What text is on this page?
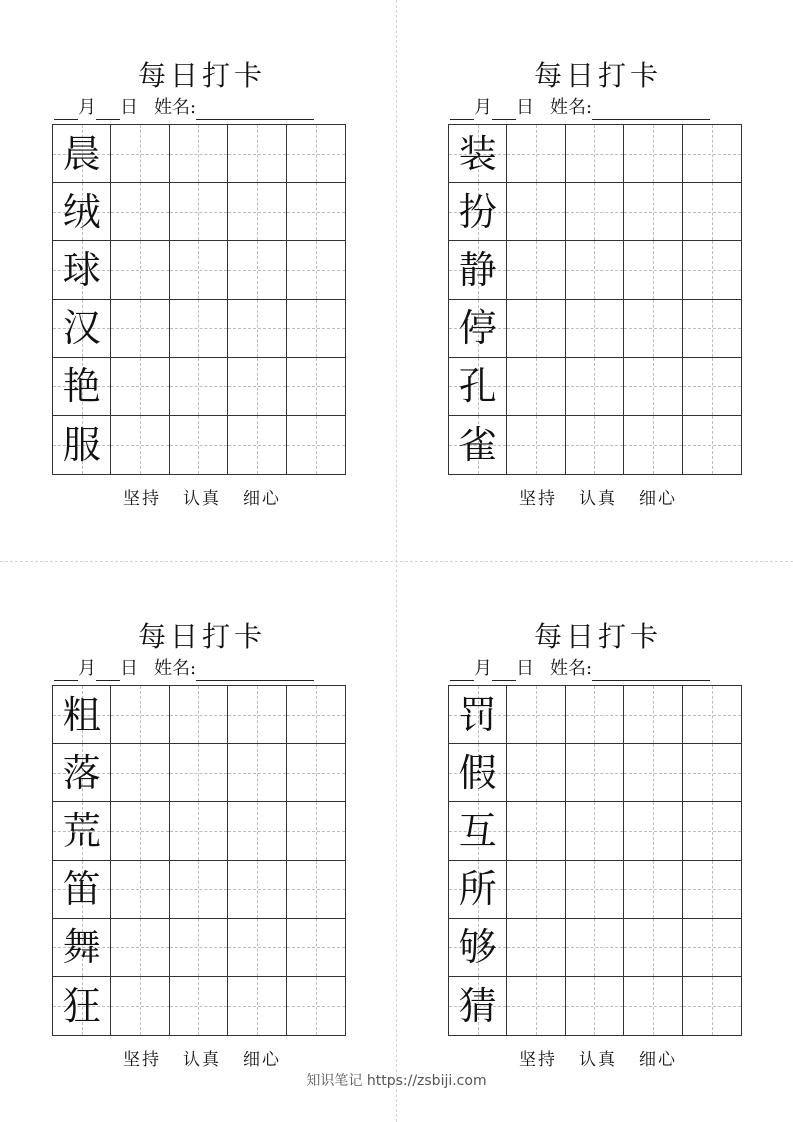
每日打卡
月 日 姓名:
晨
绒
球
汉
艳
服
坚持 认真 细心
每日打卡
月 日 姓名:
装
扮
静
停
孔
雀
坚持 认真 细心
每日打卡
月 日 姓名:
粗
落
荒
笛
舞
狂
坚持 认真 细心
每日打卡
月 日 姓名:
罚
假
互
所
够
猜
坚持 认真 细心
知识笔记 https://zsbiji.com
